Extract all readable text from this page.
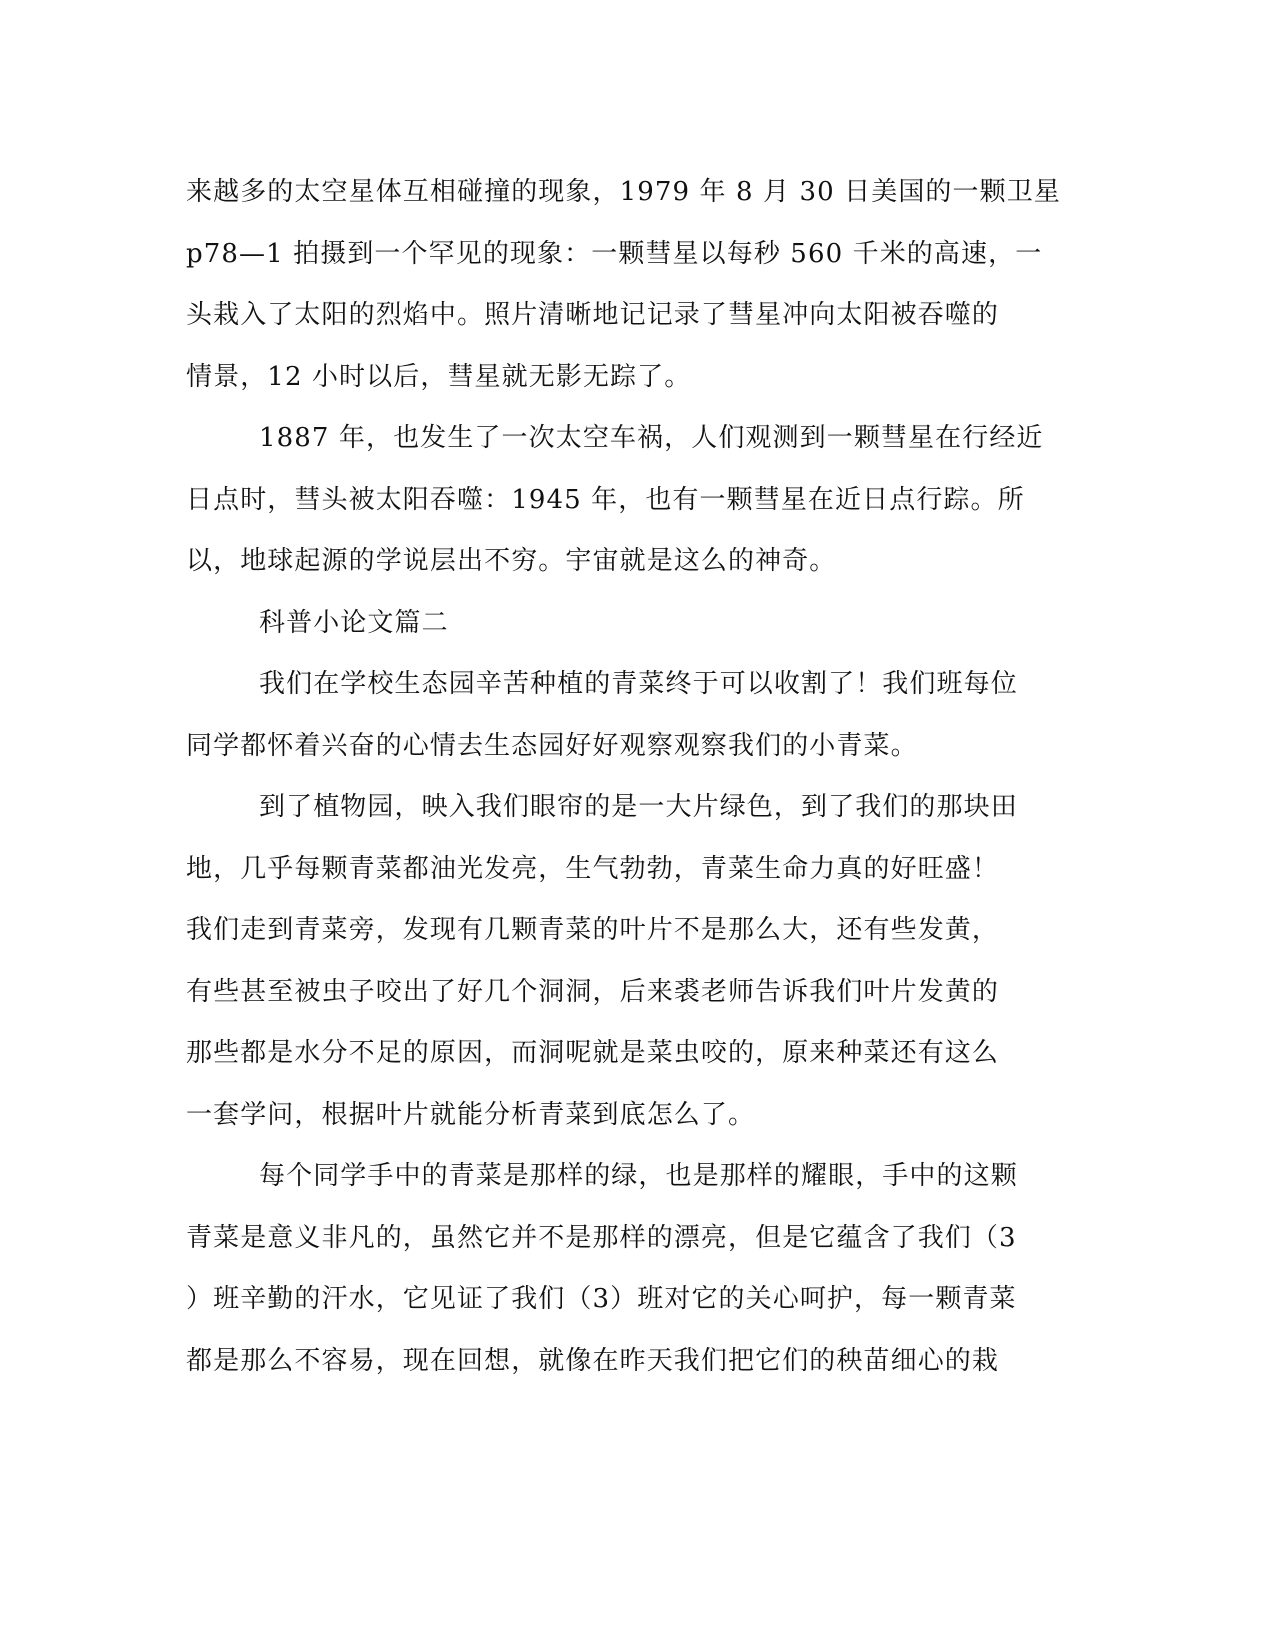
来越多的太空星体互相碰撞的现象，1979 年 8 月 30 日美国的一颗卫星
p78—1 拍摄到一个罕见的现象：一颗彗星以每秒 560 千米的高速，一
头栽入了太阳的烈焰中。照片清晰地记记录了彗星冲向太阳被吞噬的
情景，12 小时以后，彗星就无影无踪了。
1887 年，也发生了一次太空车祸，人们观测到一颗彗星在行经近
日点时，彗头被太阳吞噬：1945 年，也有一颗彗星在近日点行踪。所
以，地球起源的学说层出不穷。宇宙就是这么的神奇。
科普小论文篇二
我们在学校生态园辛苦种植的青菜终于可以收割了！我们班每位
同学都怀着兴奋的心情去生态园好好观察观察我们的小青菜。
到了植物园，映入我们眼帘的是一大片绿色，到了我们的那块田
地，几乎每颗青菜都油光发亮，生气勃勃，青菜生命力真的好旺盛！
我们走到青菜旁，发现有几颗青菜的叶片不是那么大，还有些发黄，
有些甚至被虫子咬出了好几个洞洞，后来裘老师告诉我们叶片发黄的
那些都是水分不足的原因，而洞呢就是菜虫咬的，原来种菜还有这么
一套学问，根据叶片就能分析青菜到底怎么了。
每个同学手中的青菜是那样的绿，也是那样的耀眼，手中的这颗
青菜是意义非凡的，虽然它并不是那样的漂亮，但是它蕴含了我们（3
）班辛勤的汗水，它见证了我们（3）班对它的关心呵护，每一颗青菜
都是那么不容易，现在回想，就像在昨天我们把它们的秧苗细心的栽
